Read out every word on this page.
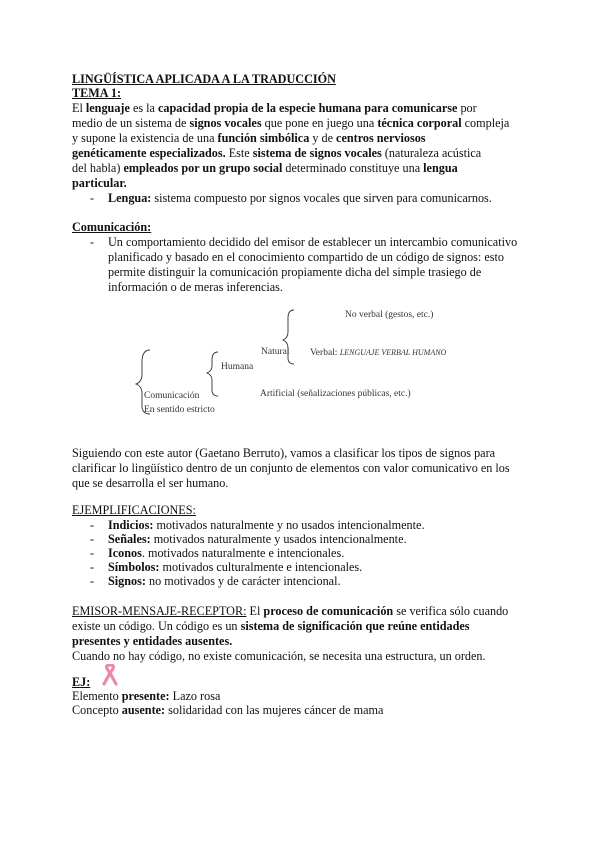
LINGÜÍSTICA APLICADA A LA TRADUCCIÓN
TEMA 1:
El lenguaje es la capacidad propia de la especie humana para comunicarse por
medio de un sistema de signos vocales que pone en juego una técnica corporal compleja
y supone la existencia de una función simbólica y de centros nerviosos
genéticamente especializados. Este sistema de signos vocales (naturaleza acústica
del habla) empleados por un grupo social determinado constituye una lengua
particular.
- Lengua: sistema compuesto por signos vocales que sirven para comunicarnos.
Comunicación:
- Un comportamiento decidido del emisor de establecer un intercambio comunicativo
planificado y basado en el conocimiento compartido de un código de signos: esto
permite distinguir la comunicación propiamente dicha del simple trasiego de
información o de meras inferencias.
Comunicación
En sentido estricto
Humana
Natural
No verbal (gestos, etc.)
Verbal: LENGUAJE VERBAL HUMANO
Artificial (señalizaciones públicas, etc.)
Siguiendo con este autor (Gaetano Berruto), vamos a clasificar los tipos de signos para
clarificar lo lingüístico dentro de un conjunto de elementos con valor comunicativo en los
que se desarrolla el ser humano.
EJEMPLIFICACIONES:
- Indicios: motivados naturalmente y no usados intencionalmente.
- Señales: motivados naturalmente y usados intencionalmente.
- Iconos. motivados naturalmente e intencionales.
- Símbolos: motivados culturalmente e intencionales.
- Signos: no motivados y de carácter intencional.
EMISOR-MENSAJE-RECEPTOR: El proceso de comunicación se verifica sólo cuando
existe un código. Un código es un sistema de significación que reúne entidades
presentes y entidades ausentes.
Cuando no hay código, no existe comunicación, se necesita una estructura, un orden.
EJ:
Elemento presente: Lazo rosa
Concepto ausente: solidaridad con las mujeres cáncer de mama
